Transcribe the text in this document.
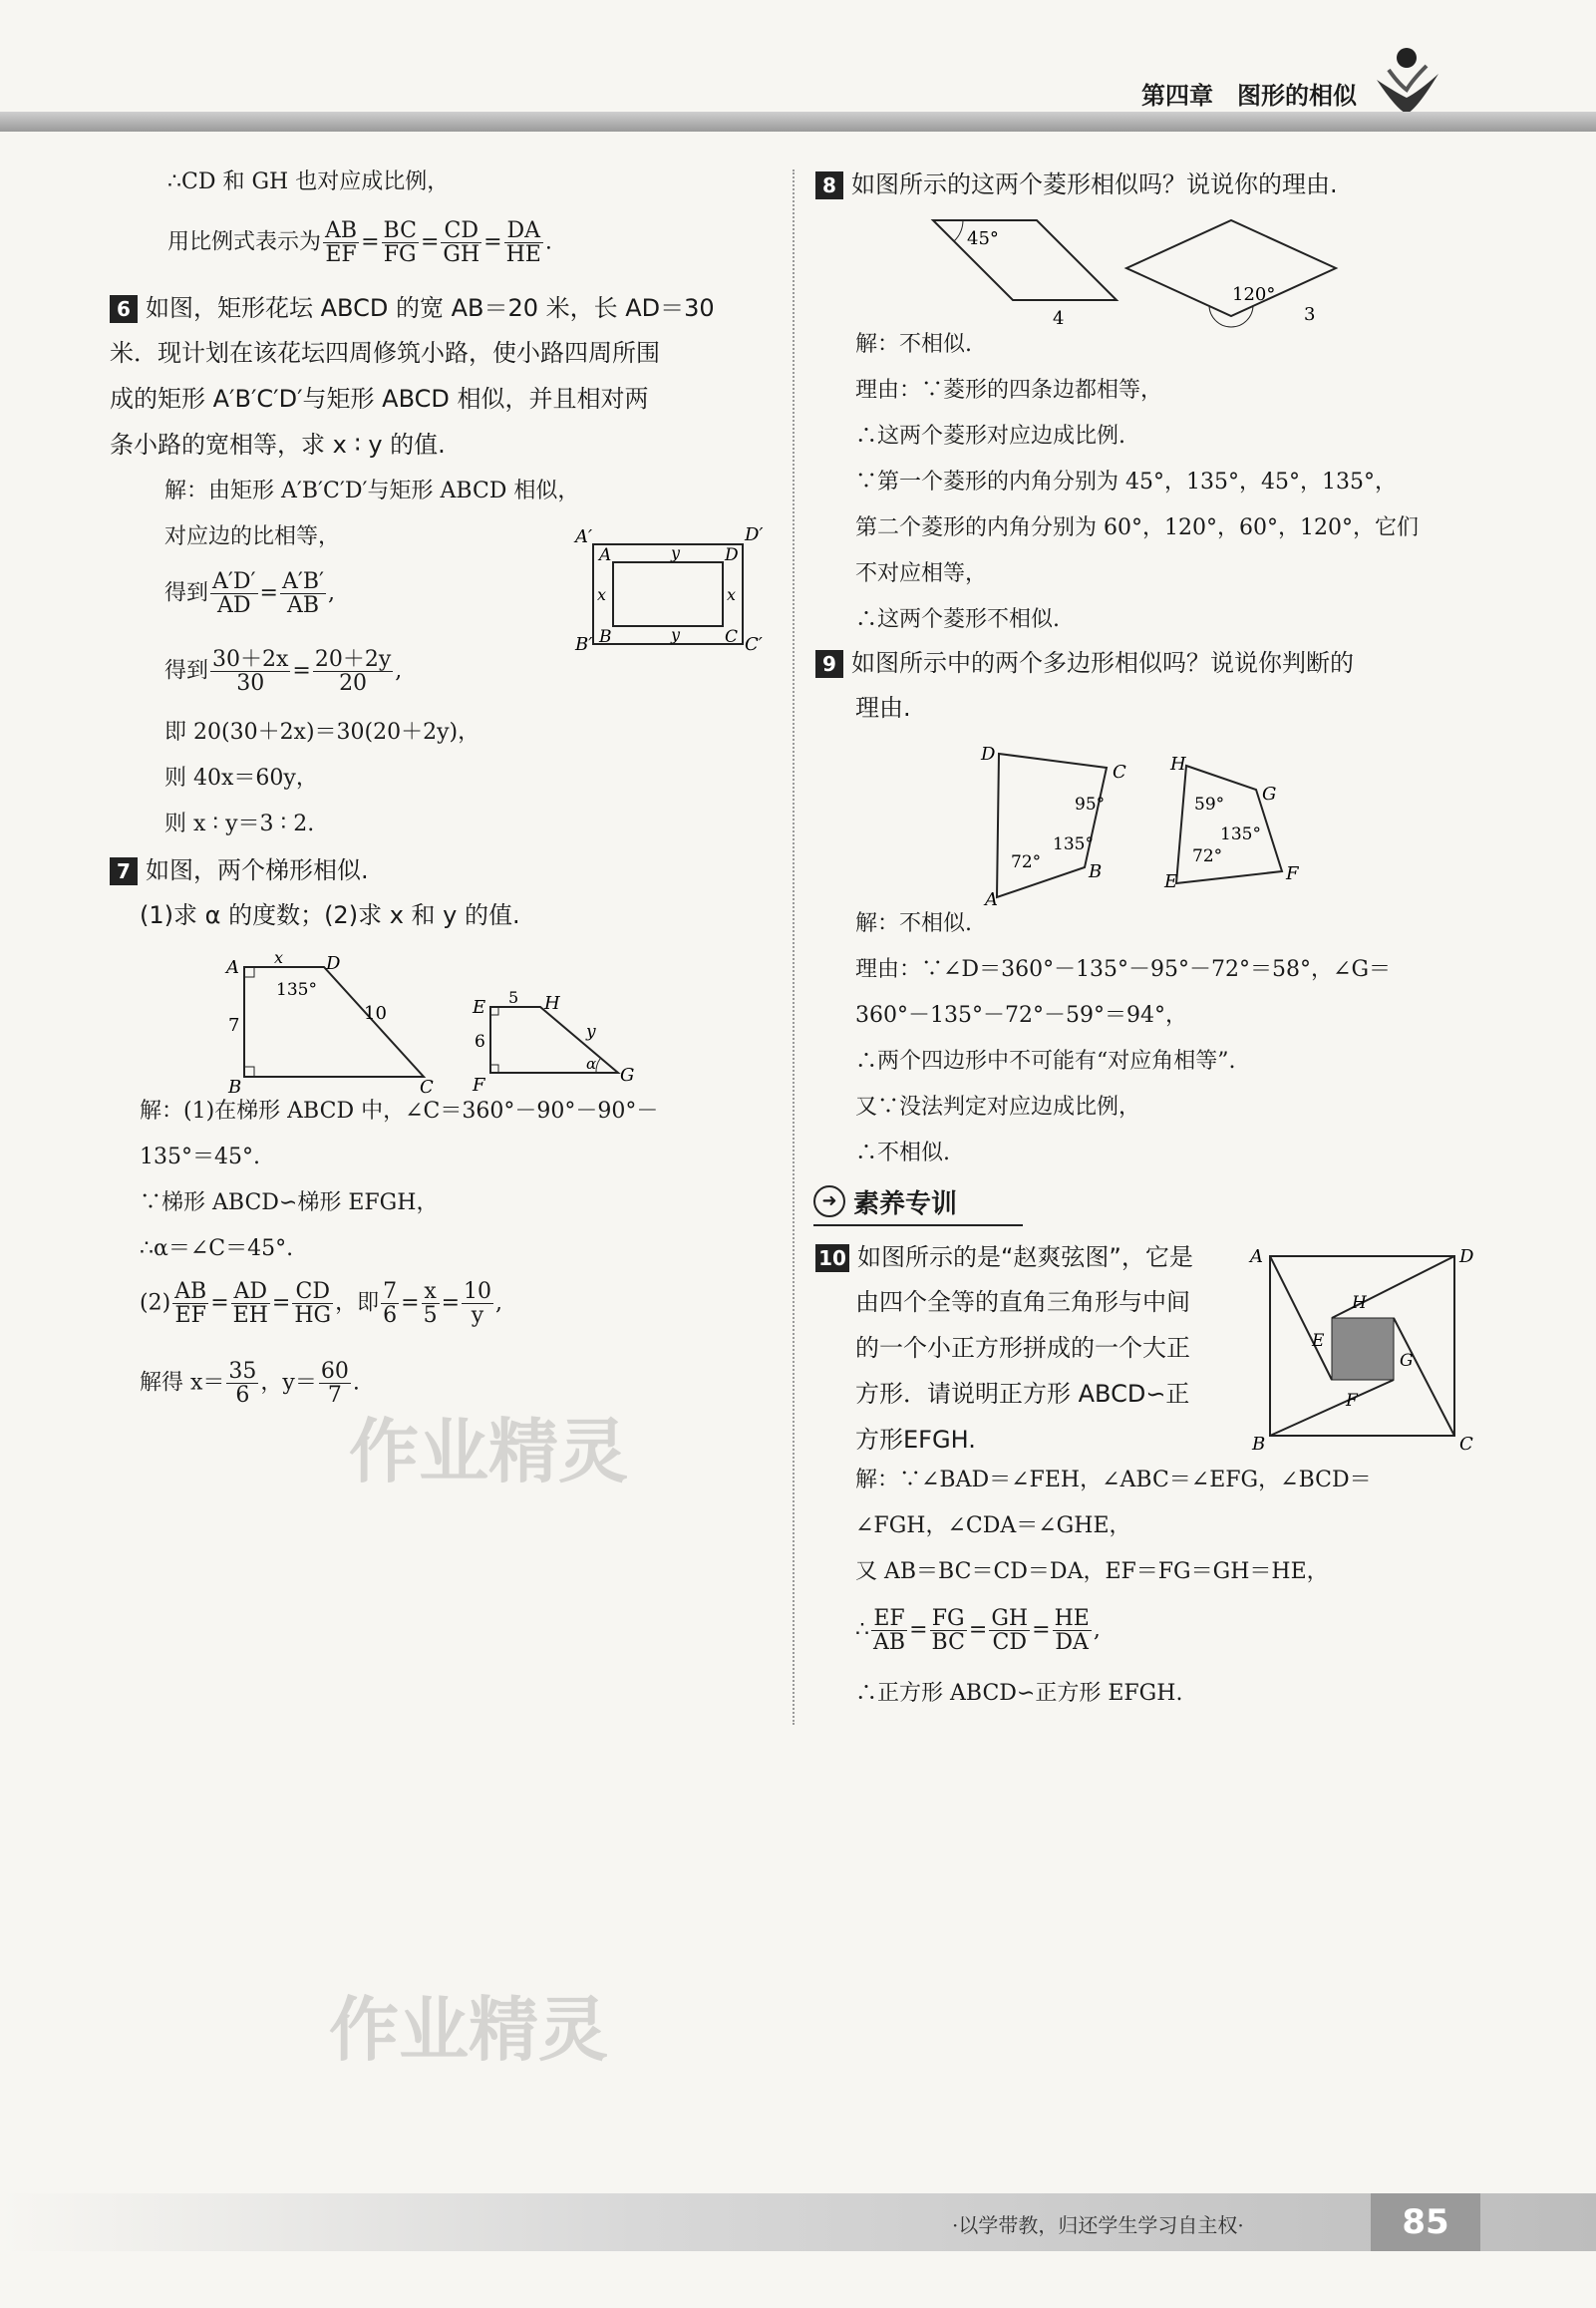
第四章　图形的相似
∴CD 和 GH 也对应成比例，
用比例式表示为 $\frac{AB}{EF} = \frac{BC}{FG} = \frac{CD}{GH} = \frac{DA}{HE}$ .
6 如图，矩形花坛 ABCD 的宽 AB＝20 米，长 AD＝30
米．现计划在该花坛四周修筑小路，使小路四周所围
成的矩形 A′B′C′D′与矩形 ABCD 相似，并且相对两
条小路的宽相等，求 x ∶ y 的值.
解：由矩形 A′B′C′D′与矩形 ABCD 相似，
对应边的比相等，
得到 $\frac{A'D'}{AD} = \frac{A'B'}{AB}$ ,
得到 $\frac{30+2x}{30} = \frac{20+2y}{20}$ ,
即 20(30＋2x)＝30(20＋2y)，
则 40x＝60y，
则 x ∶ y＝3 ∶ 2.
A′	D′
A	D
B	C
B′	C′
x	x
y
y
7 如图，两个梯形相似.
(1)求 α 的度数；(2)求 x 和 y 的值.
A x D
135°
10
7
B	C
E 5 H
6	y
α
F	G
解：(1)在梯形 ABCD 中，∠C＝360°－90°－90°－
135°＝45°.
∵梯形 ABCD∽梯形 EFGH，
∴α＝∠C＝45°.
$(2) \frac{AB}{EF} = \frac{AD}{EH} = \frac{CD}{HG}$ ，即 $\frac{7}{6} = \frac{x}{5} = \frac{10}{y}$ ,
解得 $x= \frac{35}{6}$ ，$y= \frac{60}{7}$ .
作业精灵
作业精灵
8 如图所示的这两个菱形相似吗？说说你的理由.
45°
4
120°
3
解：不相似.
理由：∵菱形的四条边都相等，
∴这两个菱形对应边成比例.
∵第一个菱形的内角分别为 45°，135°，45°，135°，
第二个菱形的内角分别为 60°，120°，60°，120°，它们
不对应相等，
∴这两个菱形不相似.
9 如图所示中的两个多边形相似吗？说说你判断的
理由.
D
C
95°
135°
72°
A
B
H
59° G
135°
72°
E	F
解：不相似.
理由：∵∠D＝360°－135°－95°－72°＝58°，∠G＝
360°－135°－72°－59°＝94°，
∴两个四边形中不可能有“对应角相等”.
又∵没法判定对应边成比例，
∴不相似.
➜ 素养专训
10 如图所示的是“赵爽弦图”，它是
由四个全等的直角三角形与中间
的一个小正方形拼成的一个大正
方形．请说明正方形 ABCD∽正
方形EFGH.
A	D
H
E
G
F
B	C
解：∵∠BAD＝∠FEH，∠ABC＝∠EFG，∠BCD＝
∠FGH，∠CDA＝∠GHE，
又 AB＝BC＝CD＝DA，EF＝FG＝GH＝HE，
∴ $\frac{EF}{AB} = \frac{FG}{BC} = \frac{GH}{CD} = \frac{HE}{DA}$ ,
∴正方形 ABCD∽正方形 EFGH.
·以学带教，归还学生学习自主权·	85
